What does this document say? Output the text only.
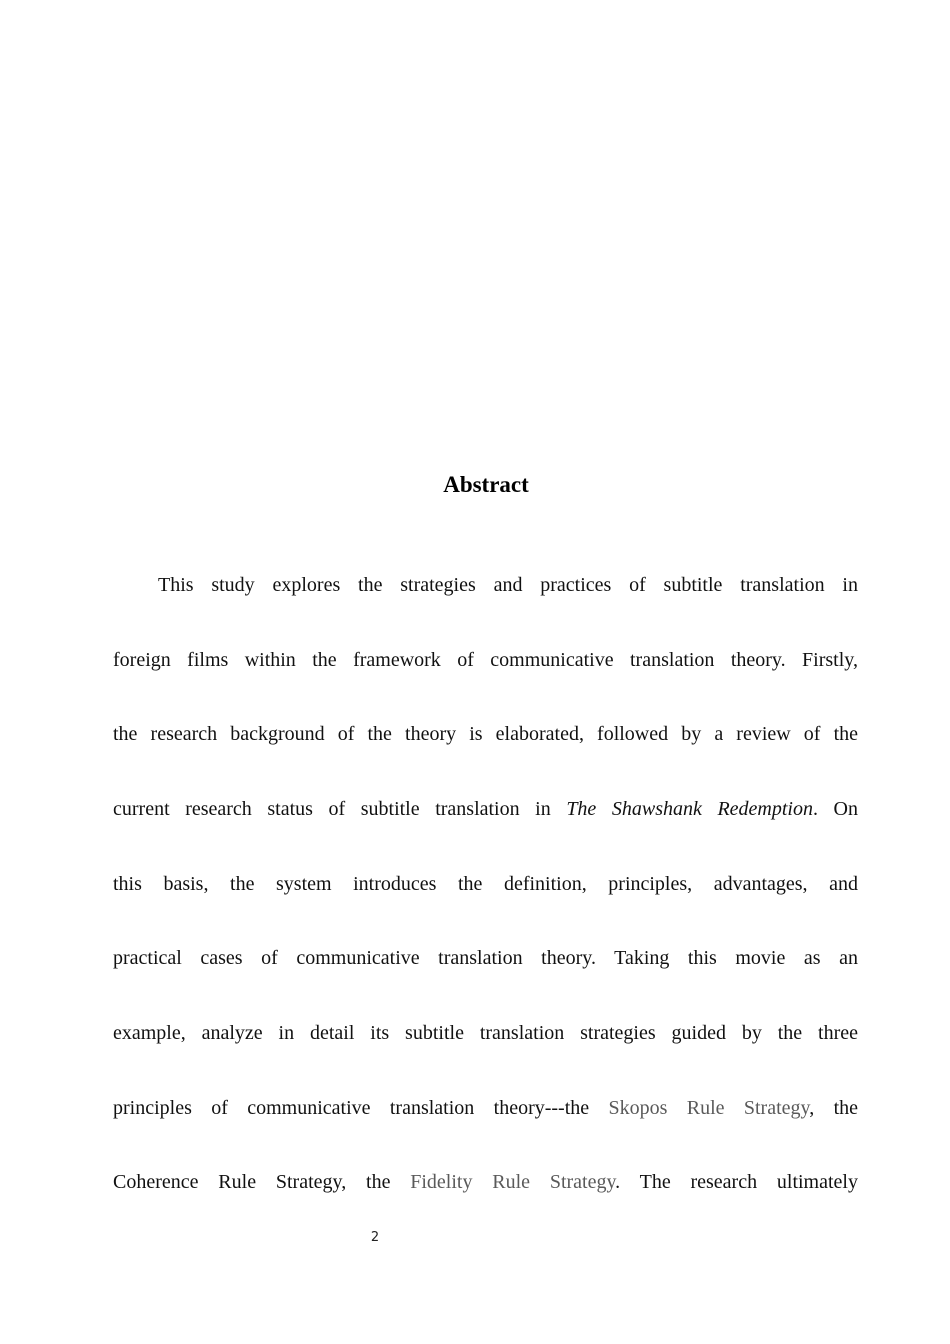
Abstract
This study explores the strategies and practices of subtitle translation in
foreign films within the framework of communicative translation theory. Firstly,
the research background of the theory is elaborated, followed by a review of the
current research status of subtitle translation in The Shawshank Redemption. On
this basis, the system introduces the definition, principles, advantages, and
practical cases of communicative translation theory. Taking this movie as an
example, analyze in detail its subtitle translation strategies guided by the three
principles of communicative translation theory---the Skopos Rule Strategy, the
Coherence Rule Strategy, the Fidelity Rule Strategy. The research ultimately
2
